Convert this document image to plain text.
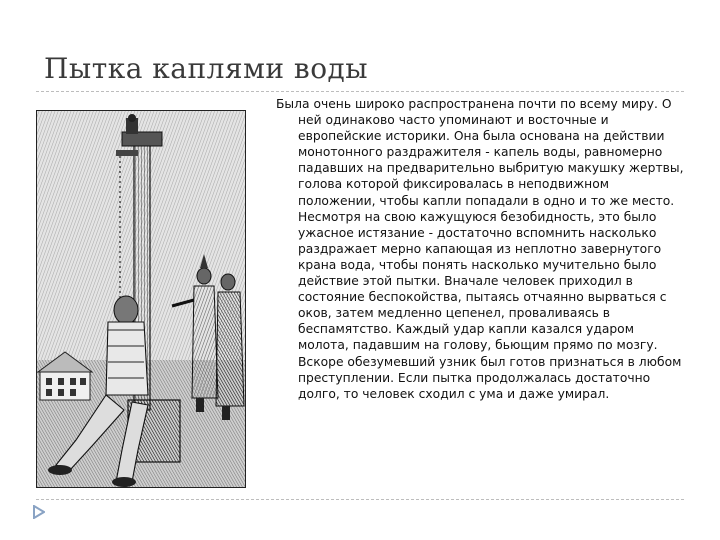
Пытка каплями воды

Была очень широко распространена почти по всему миру. О ней одинаково часто упоминают и восточные и европейские историки. Она была основана на действии монотонного раздражителя - капель воды, равномерно падавших на предварительно выбритую макушку жертвы, голова которой фиксировалась в неподвижном положении, чтобы капли попадали в одно и то же место. Несмотря на свою кажущуюся безобидность, это было ужасное истязание - достаточно вспомнить насколько раздражает мерно капающая из неплотно завернутого крана вода, чтобы понять насколько мучительно было действие этой пытки. Вначале человек приходил в состояние беспокойства, пытаясь отчаянно вырваться с оков, затем медленно цепенел, проваливаясь в беспамятство. Каждый удар капли казался ударом молота, падавшим на голову, бьющим прямо по мозгу. Вскоре обезумевший узник был готов признаться в любом преступлении. Если пытка продолжалась достаточно долго, то человек сходил с ума и даже умирал.
